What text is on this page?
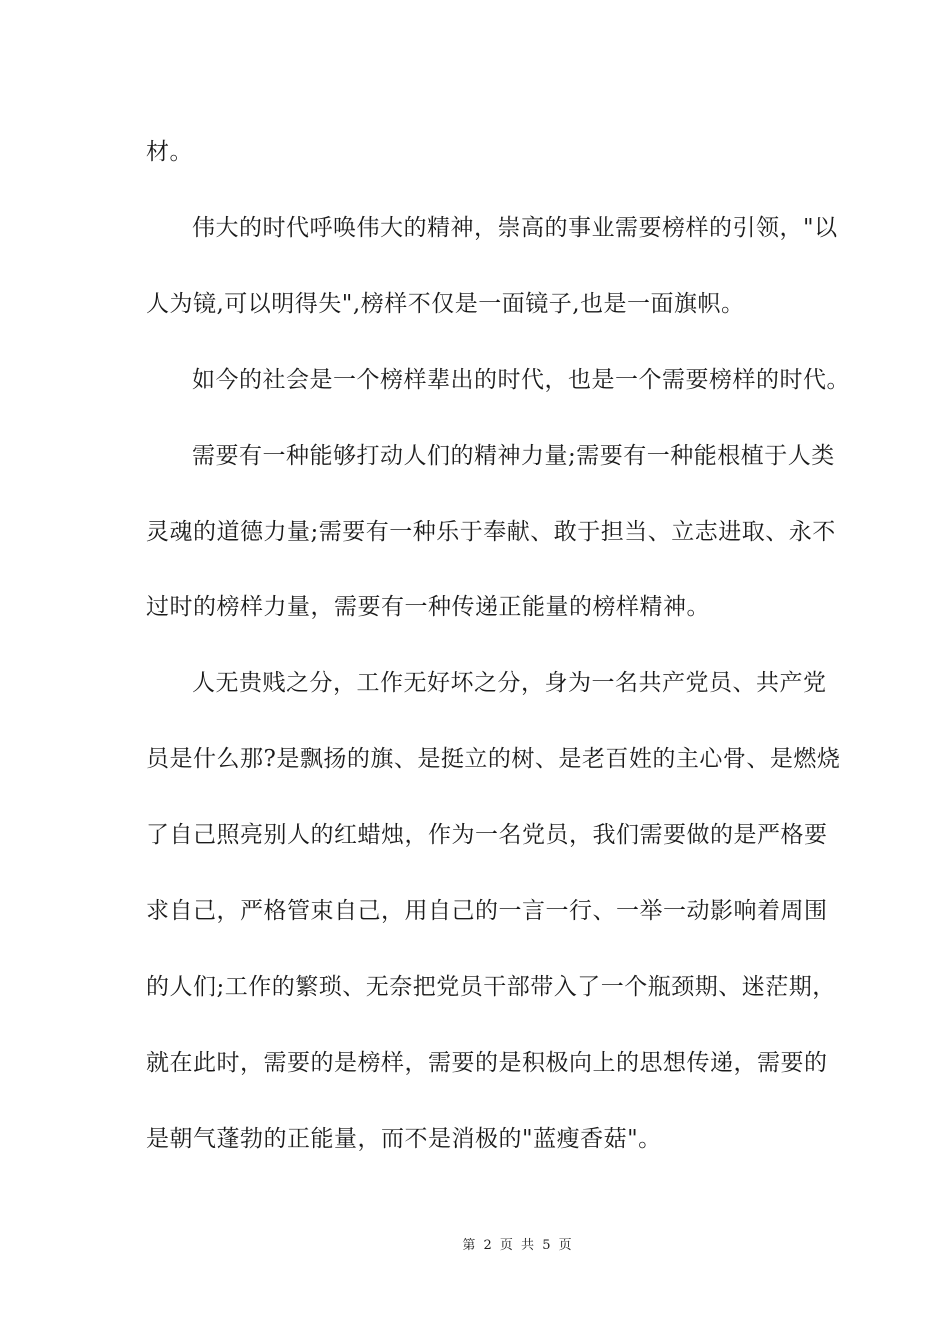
材。
伟大的时代呼唤伟大的精神，崇高的事业需要榜样的引领，"以
人为镜,可以明得失",榜样不仅是一面镜子,也是一面旗帜。
如今的社会是一个榜样辈出的时代，也是一个需要榜样的时代。
需要有一种能够打动人们的精神力量;需要有一种能根植于人类
灵魂的道德力量;需要有一种乐于奉献、敢于担当、立志进取、永不
过时的榜样力量，需要有一种传递正能量的榜样精神。
人无贵贱之分，工作无好坏之分，身为一名共产党员、共产党
员是什么那?是飘扬的旗、是挺立的树、是老百姓的主心骨、是燃烧
了自己照亮别人的红蜡烛，作为一名党员，我们需要做的是严格要
求自己，严格管束自己，用自己的一言一行、一举一动影响着周围
的人们;工作的繁琐、无奈把党员干部带入了一个瓶颈期、迷茫期，
就在此时，需要的是榜样，需要的是积极向上的思想传递，需要的
是朝气蓬勃的正能量，而不是消极的"蓝瘦香菇"。
第 2 页 共 5 页
